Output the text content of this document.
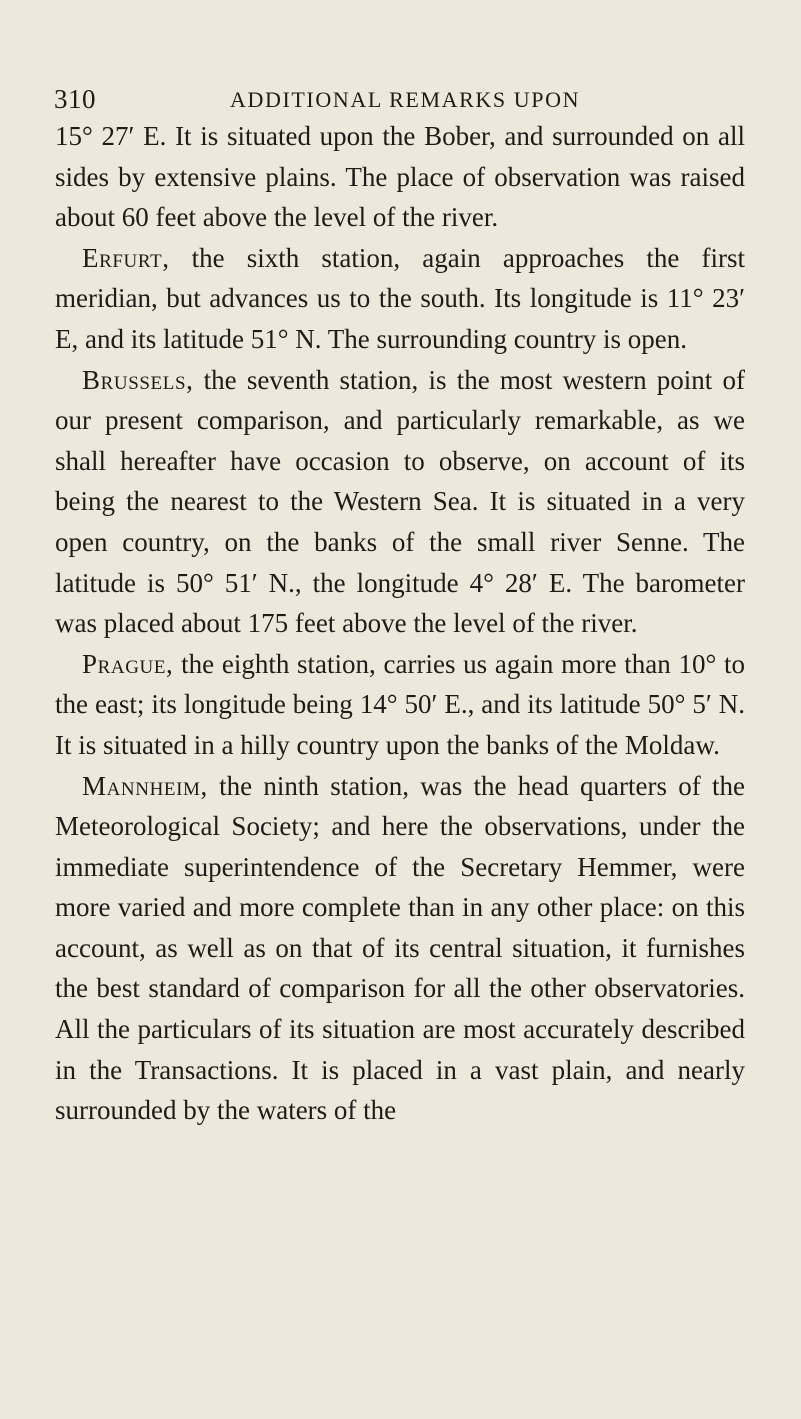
310	ADDITIONAL REMARKS UPON

15° 27′ E. It is situated upon the Bober, and surrounded on all sides by extensive plains. The place of observation was raised about 60 feet above the level of the river.

Erfurt, the sixth station, again approaches the first meridian, but advances us to the south. Its longitude is 11° 23′ E, and its latitude 51° N. The surrounding country is open.

Brussels, the seventh station, is the most western point of our present comparison, and particularly remarkable, as we shall hereafter have occasion to observe, on account of its being the nearest to the Western Sea. It is situated in a very open country, on the banks of the small river Senne. The latitude is 50° 51′ N., the longitude 4° 28′ E. The barometer was placed about 175 feet above the level of the river.

Prague, the eighth station, carries us again more than 10° to the east; its longitude being 14° 50′ E., and its latitude 50° 5′ N. It is situated in a hilly country upon the banks of the Moldaw.

Mannheim, the ninth station, was the head quarters of the Meteorological Society; and here the observations, under the immediate superintendence of the Secretary Hemmer, were more varied and more complete than in any other place: on this account, as well as on that of its central situation, it furnishes the best standard of comparison for all the other observatories. All the particulars of its situation are most accurately described in the Transactions. It is placed in a vast plain, and nearly surrounded by the waters of the
